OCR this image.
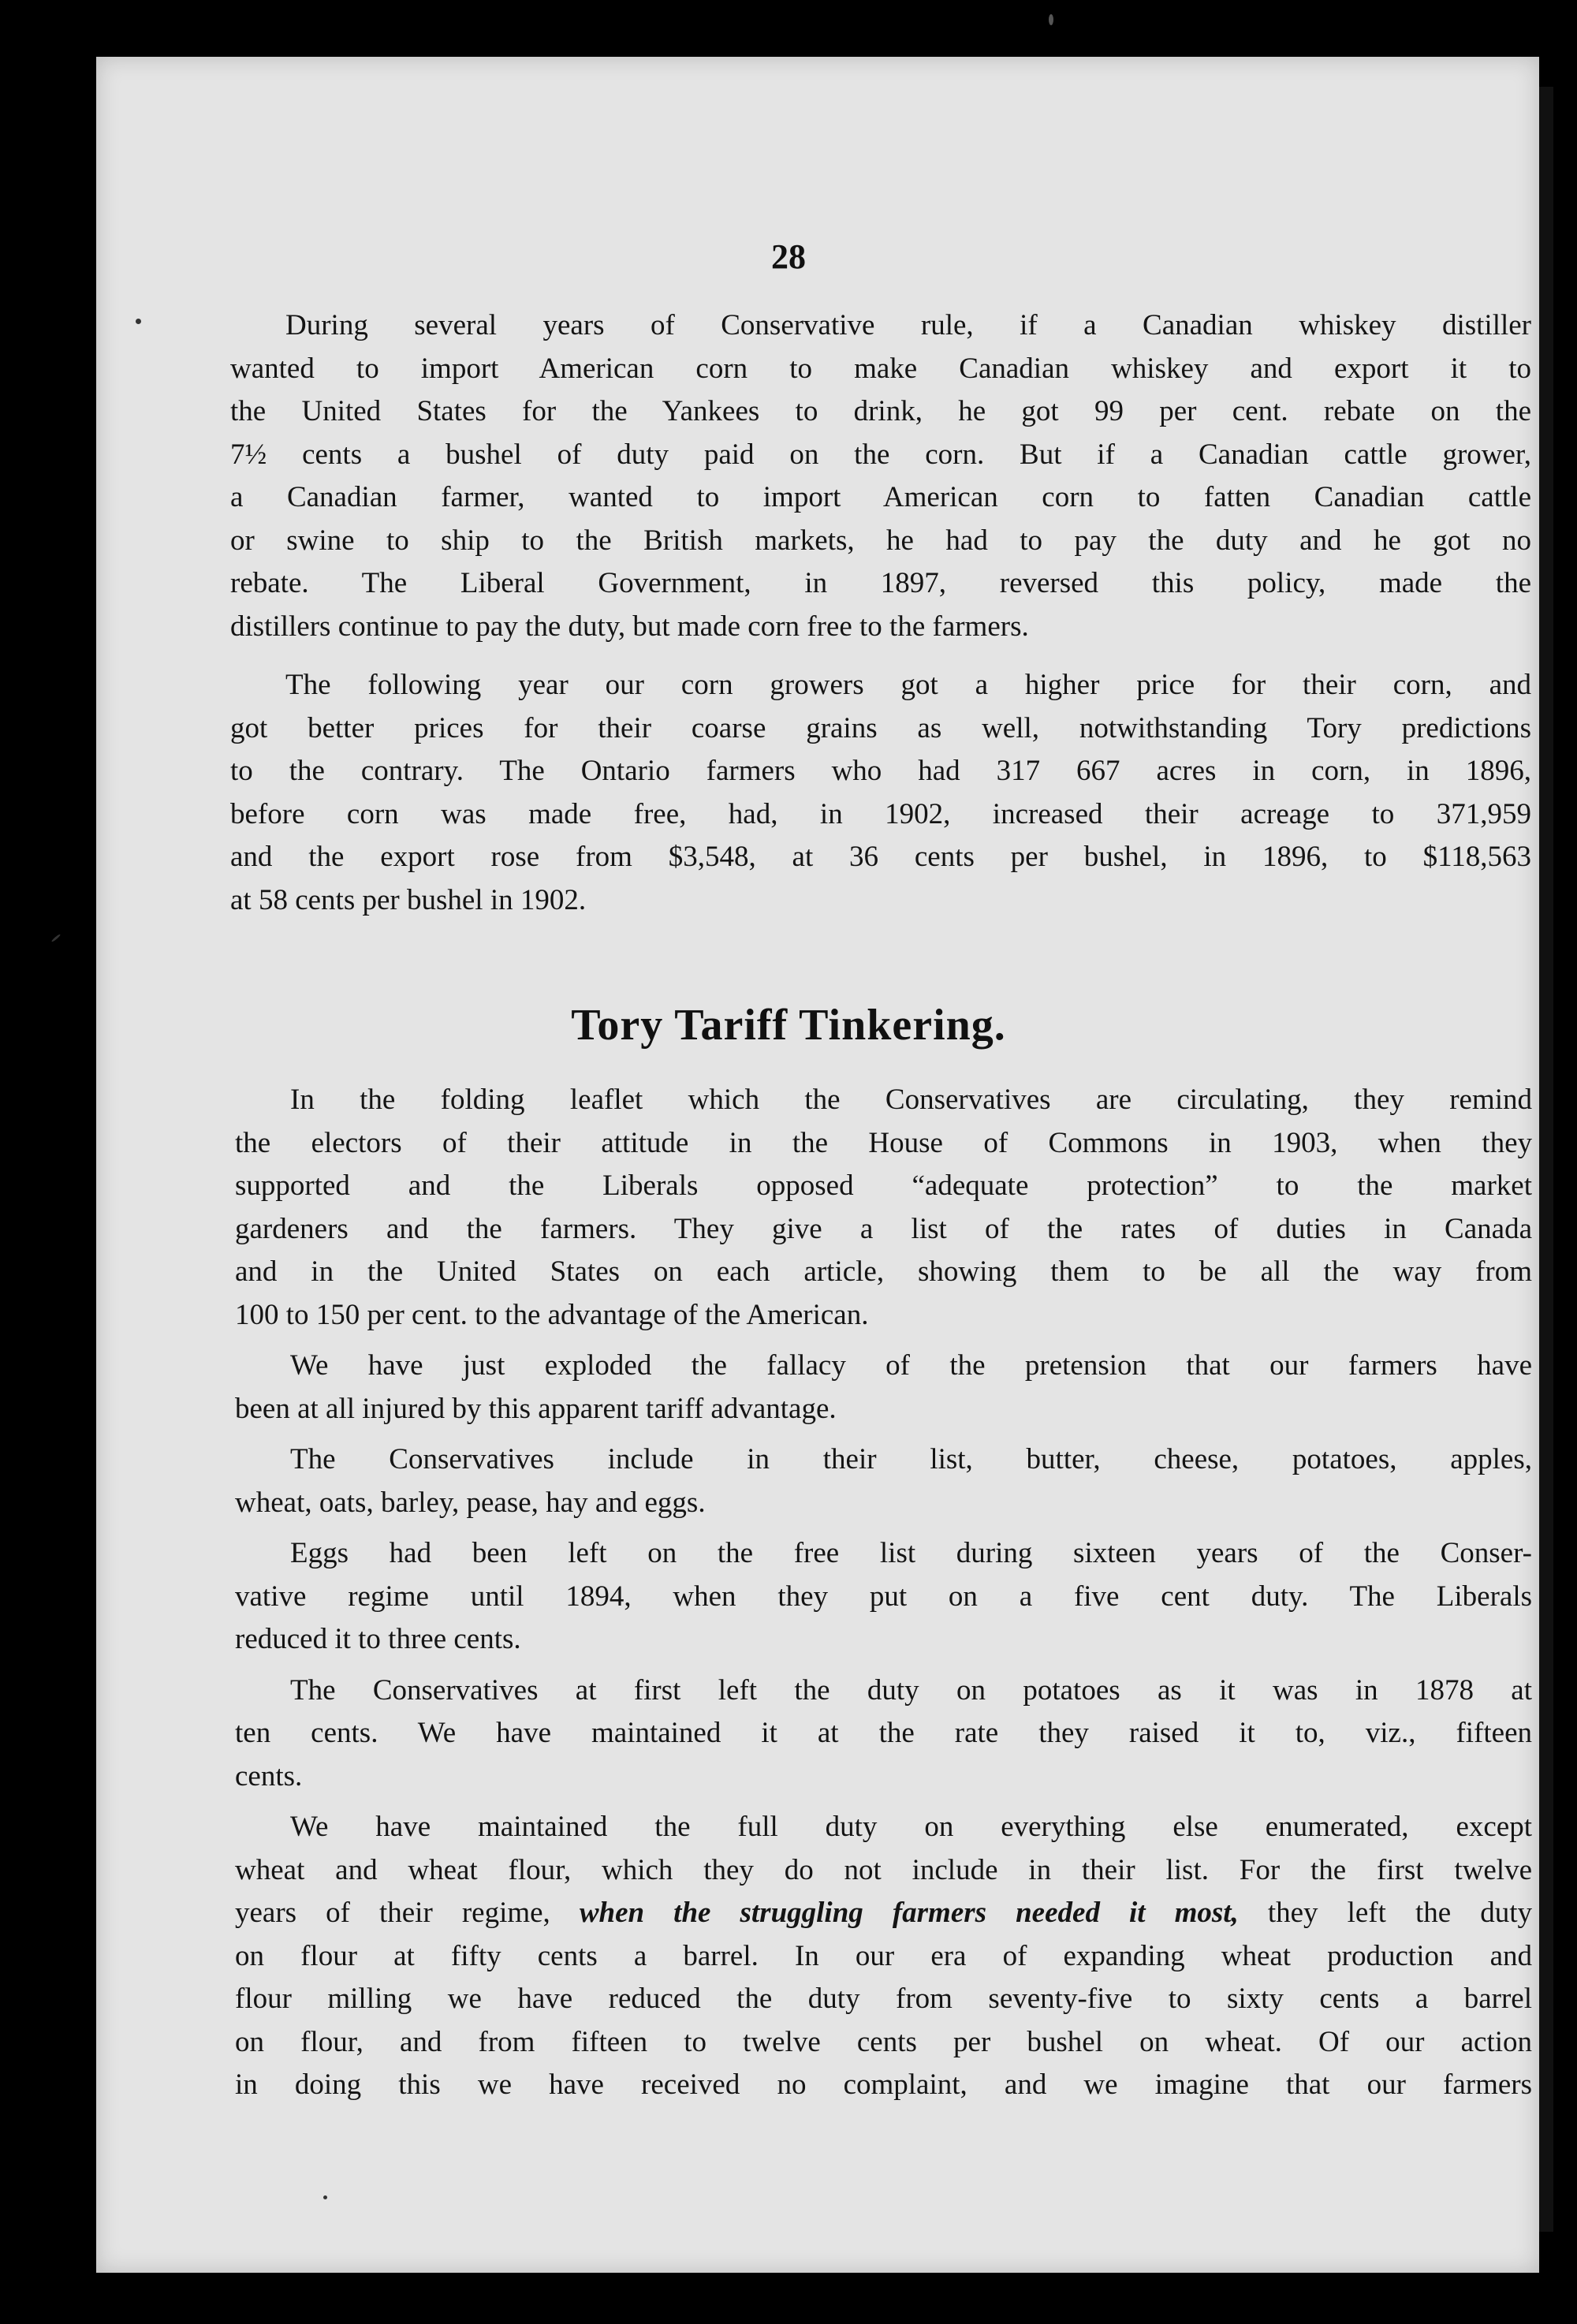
28

During several years of Conservative rule, if a Canadian whiskey distiller
wanted to import American corn to make Canadian whiskey and export it to
the United States for the Yankees to drink, he got 99 per cent. rebate on the
7½ cents a bushel of duty paid on the corn. But if a Canadian cattle grower,
a Canadian farmer, wanted to import American corn to fatten Canadian cattle
or swine to ship to the British markets, he had to pay the duty and he got no
rebate. The Liberal Government, in 1897, reversed this policy, made the
distillers continue to pay the duty, but made corn free to the farmers.

The following year our corn growers got a higher price for their corn, and
got better prices for their coarse grains as well, notwithstanding Tory predictions
to the contrary. The Ontario farmers who had 317 667 acres in corn, in 1896,
before corn was made free, had, in 1902, increased their acreage to 371,959
and the export rose from $3,548, at 36 cents per bushel, in 1896, to $118,563
at 58 cents per bushel in 1902.

Tory Tariff Tinkering.

In the folding leaflet which the Conservatives are circulating, they remind
the electors of their attitude in the House of Commons in 1903, when they
supported and the Liberals opposed “adequate protection” to the market
gardeners and the farmers. They give a list of the rates of duties in Canada
and in the United States on each article, showing them to be all the way from
100 to 150 per cent. to the advantage of the American.

We have just exploded the fallacy of the pretension that our farmers have
been at all injured by this apparent tariff advantage.

The Conservatives include in their list, butter, cheese, potatoes, apples,
wheat, oats, barley, pease, hay and eggs.

Eggs had been left on the free list during sixteen years of the Conser-
vative regime until 1894, when they put on a five cent duty. The Liberals
reduced it to three cents.

The Conservatives at first left the duty on potatoes as it was in 1878 at
ten cents. We have maintained it at the rate they raised it to, viz., fifteen
cents.

We have maintained the full duty on everything else enumerated, except
wheat and wheat flour, which they do not include in their list. For the first twelve
years of their regime, when the struggling farmers needed it most, they left the duty
on flour at fifty cents a barrel. In our era of expanding wheat production and
flour milling we have reduced the duty from seventy-five to sixty cents a barrel
on flour, and from fifteen to twelve cents per bushel on wheat. Of our action
in doing this we have received no complaint, and we imagine that our farmers
